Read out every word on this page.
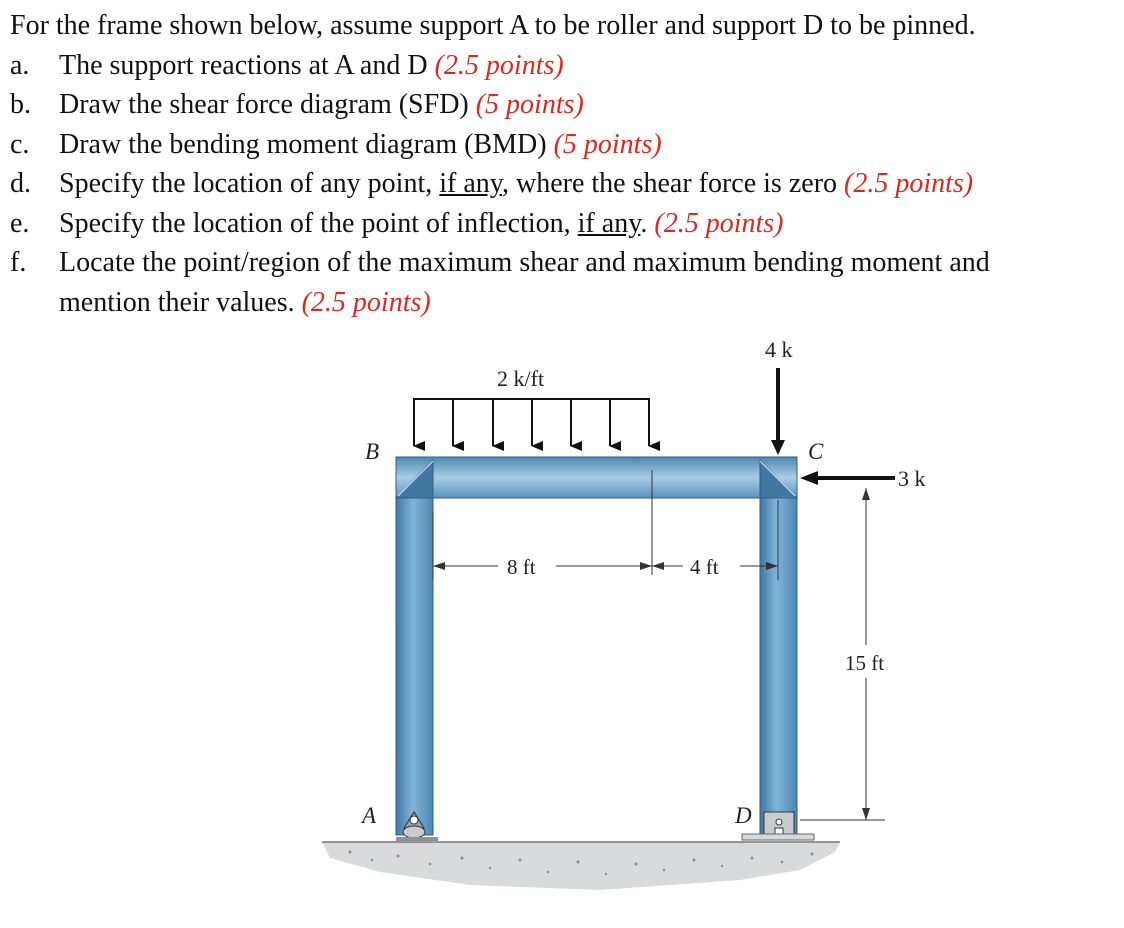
For the frame shown below, assume support A to be roller and support D to be pinned.
a. The support reactions at A and D (2.5 points)
b. Draw the shear force diagram (SFD) (5 points)
c. Draw the bending moment diagram (BMD) (5 points)
d. Specify the location of any point, if any, where the shear force is zero (2.5 points)
e. Specify the location of the point of inflection, if any. (2.5 points)
f. Locate the point/region of the maximum shear and maximum bending moment and
mention their values. (2.5 points)
2 k/ft
4 k
3 k
8 ft	4 ft
15 ft
A
B	C
D
